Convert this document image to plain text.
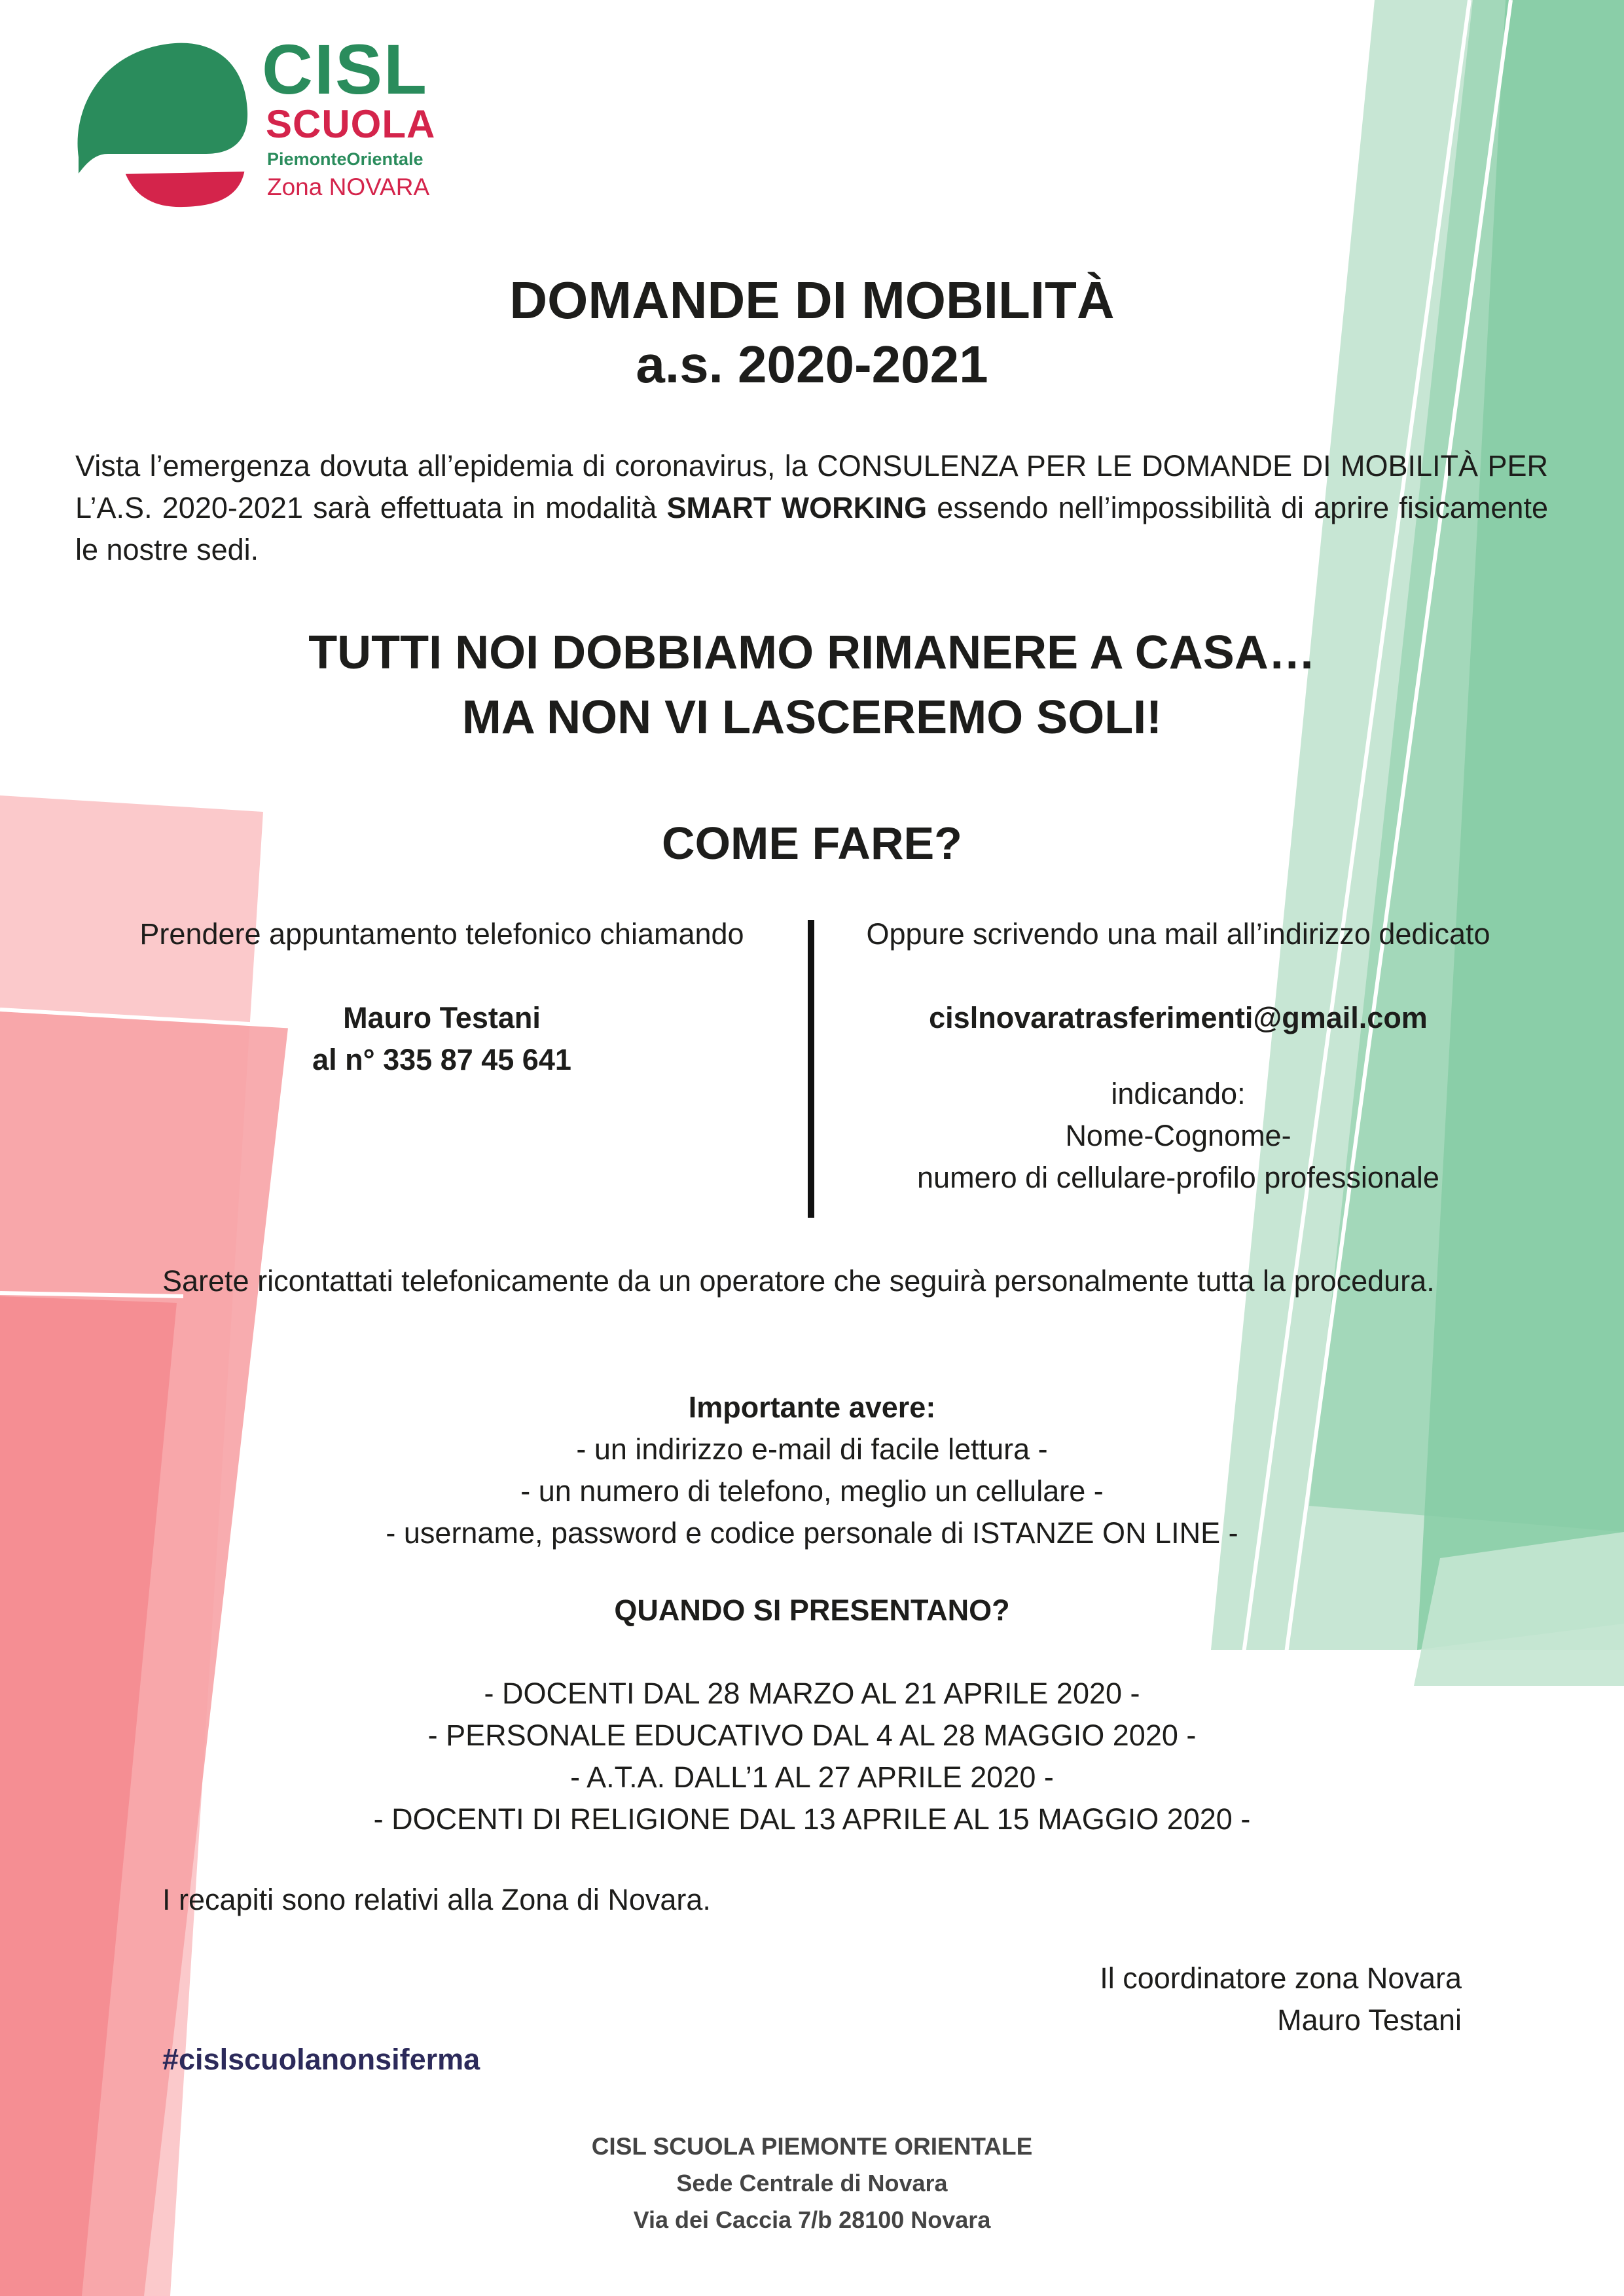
CISL
SCUOLA
PiemonteOrientale
Zona NOVARA
DOMANDE DI MOBILITÀ
a.s. 2020-2021
Vista l’emergenza dovuta all’epidemia di coronavirus, la CONSULENZA PER LE DOMANDE DI MOBILITÀ PER L’A.S. 2020-2021 sarà effettuata in modalità SMART WORKING essendo nell’impossibilità di aprire fisicamente le nostre sedi.
TUTTI NOI DOBBIAMO RIMANERE A CASA…
MA NON VI LASCEREMO SOLI!
COME FARE?
Prendere appuntamento telefonico chiamando
Mauro Testani
al n° 335 87 45 641
Oppure scrivendo una mail all’indirizzo dedicato
cislnovaratrasferimenti@gmail.com
indicando:
Nome-Cognome-
numero di cellulare-profilo professionale
Sarete ricontattati telefonicamente da un operatore che seguirà personalmente tutta la procedura.
Importante avere:
- un indirizzo e-mail di facile lettura -
- un numero di telefono, meglio un cellulare -
- username, password e codice personale di ISTANZE ON LINE -
QUANDO SI PRESENTANO?
- DOCENTI DAL 28 MARZO AL 21 APRILE 2020 -
- PERSONALE EDUCATIVO DAL 4 AL 28 MAGGIO 2020 -
- A.T.A. DALL’1 AL 27 APRILE 2020 -
- DOCENTI DI RELIGIONE DAL 13 APRILE AL 15 MAGGIO 2020 -
I recapiti sono relativi alla Zona di Novara.
Il coordinatore zona Novara
Mauro Testani
#cislscuolanonsiferma
CISL SCUOLA PIEMONTE ORIENTALE
Sede Centrale di Novara
Via dei Caccia 7/b 28100 Novara
